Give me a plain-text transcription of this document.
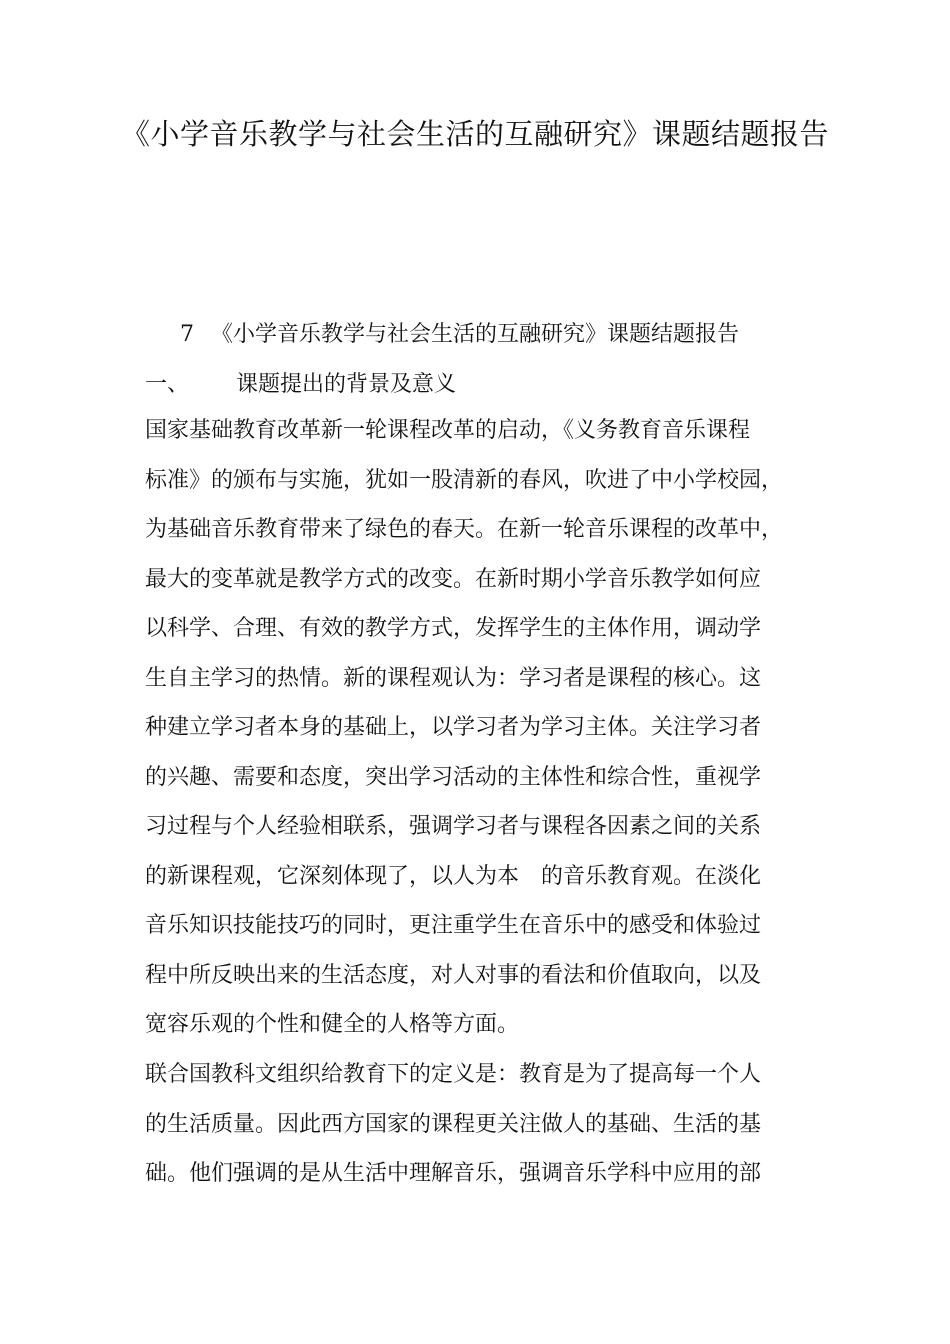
《小学音乐教学与社会生活的互融研究》课题结题报告
7 《小学音乐教学与社会生活的互融研究》课题结题报告
一、 课题提出的背景及意义
国家基础教育改革新一轮课程改革的启动，《义务教育音乐课程
标准》的颁布与实施，犹如一股清新的春风，吹进了中小学校园，
为基础音乐教育带来了绿色的春天。在新一轮音乐课程的改革中，
最大的变革就是教学方式的改变。在新时期小学音乐教学如何应
以科学、合理、有效的教学方式，发挥学生的主体作用，调动学
生自主学习的热情。新的课程观认为：学习者是课程的核心。这
种建立学习者本身的基础上，以学习者为学习主体。关注学习者
的兴趣、需要和态度，突出学习活动的主体性和综合性，重视学
习过程与个人经验相联系，强调学习者与课程各因素之间的关系
的新课程观，它深刻体现了，以人为本　的音乐教育观。在淡化
音乐知识技能技巧的同时，更注重学生在音乐中的感受和体验过
程中所反映出来的生活态度，对人对事的看法和价值取向，以及
宽容乐观的个性和健全的人格等方面。
联合国教科文组织给教育下的定义是：教育是为了提高每一个人
的生活质量。因此西方国家的课程更关注做人的基础、生活的基
础。他们强调的是从生活中理解音乐，强调音乐学科中应用的部
